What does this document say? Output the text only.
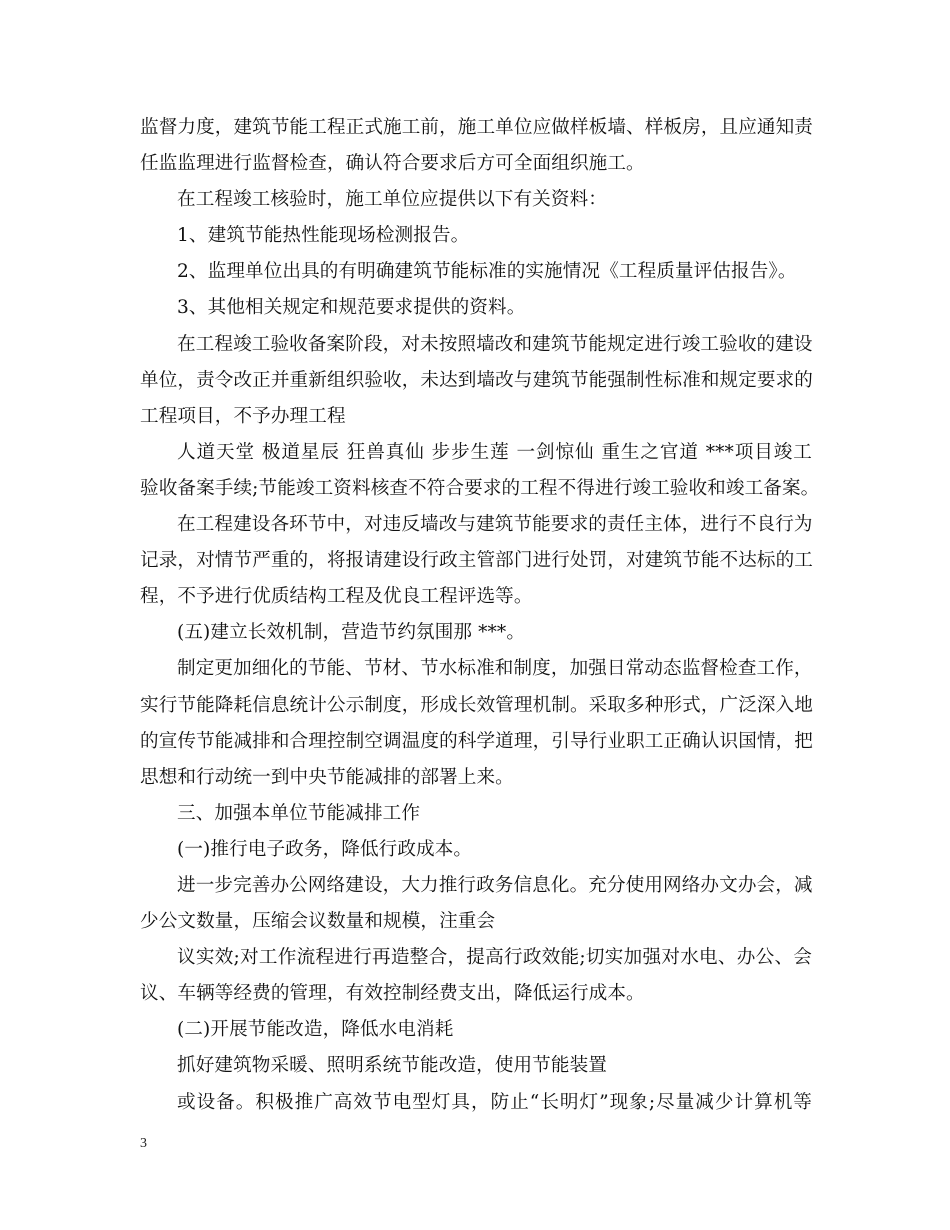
监督力度，建筑节能工程正式施工前，施工单位应做样板墙、样板房，且应通知责
任监监理进行监督检查，确认符合要求后方可全面组织施工。
在工程竣工核验时，施工单位应提供以下有关资料：
1、建筑节能热性能现场检测报告。
2、监理单位出具的有明确建筑节能标准的实施情况《工程质量评估报告》。
3、其他相关规定和规范要求提供的资料。
在工程竣工验收备案阶段，对未按照墙改和建筑节能规定进行竣工验收的建设
单位，责令改正并重新组织验收，未达到墙改与建筑节能强制性标准和规定要求的
工程项目，不予办理工程
人道天堂 极道星辰 狂兽真仙 步步生莲 一剑惊仙 重生之官道 ***项目竣工
验收备案手续;节能竣工资料核查不符合要求的工程不得进行竣工验收和竣工备案。
在工程建设各环节中，对违反墙改与建筑节能要求的责任主体，进行不良行为
记录，对情节严重的，将报请建设行政主管部门进行处罚，对建筑节能不达标的工
程，不予进行优质结构工程及优良工程评选等。
(五)建立长效机制，营造节约氛围那 ***。
制定更加细化的节能、节材、节水标准和制度，加强日常动态监督检查工作，
实行节能降耗信息统计公示制度，形成长效管理机制。采取多种形式，广泛深入地
的宣传节能减排和合理控制空调温度的科学道理，引导行业职工正确认识国情，把
思想和行动统一到中央节能减排的部署上来。
三、加强本单位节能减排工作
(一)推行电子政务，降低行政成本。
进一步完善办公网络建设，大力推行政务信息化。充分使用网络办文办会，减
少公文数量，压缩会议数量和规模，注重会
议实效;对工作流程进行再造整合，提高行政效能;切实加强对水电、办公、会
议、车辆等经费的管理，有效控制经费支出，降低运行成本。
(二)开展节能改造，降低水电消耗
抓好建筑物采暖、照明系统节能改造，使用节能装置
或设备。积极推广高效节电型灯具，防止“长明灯”现象;尽量减少计算机等
3
